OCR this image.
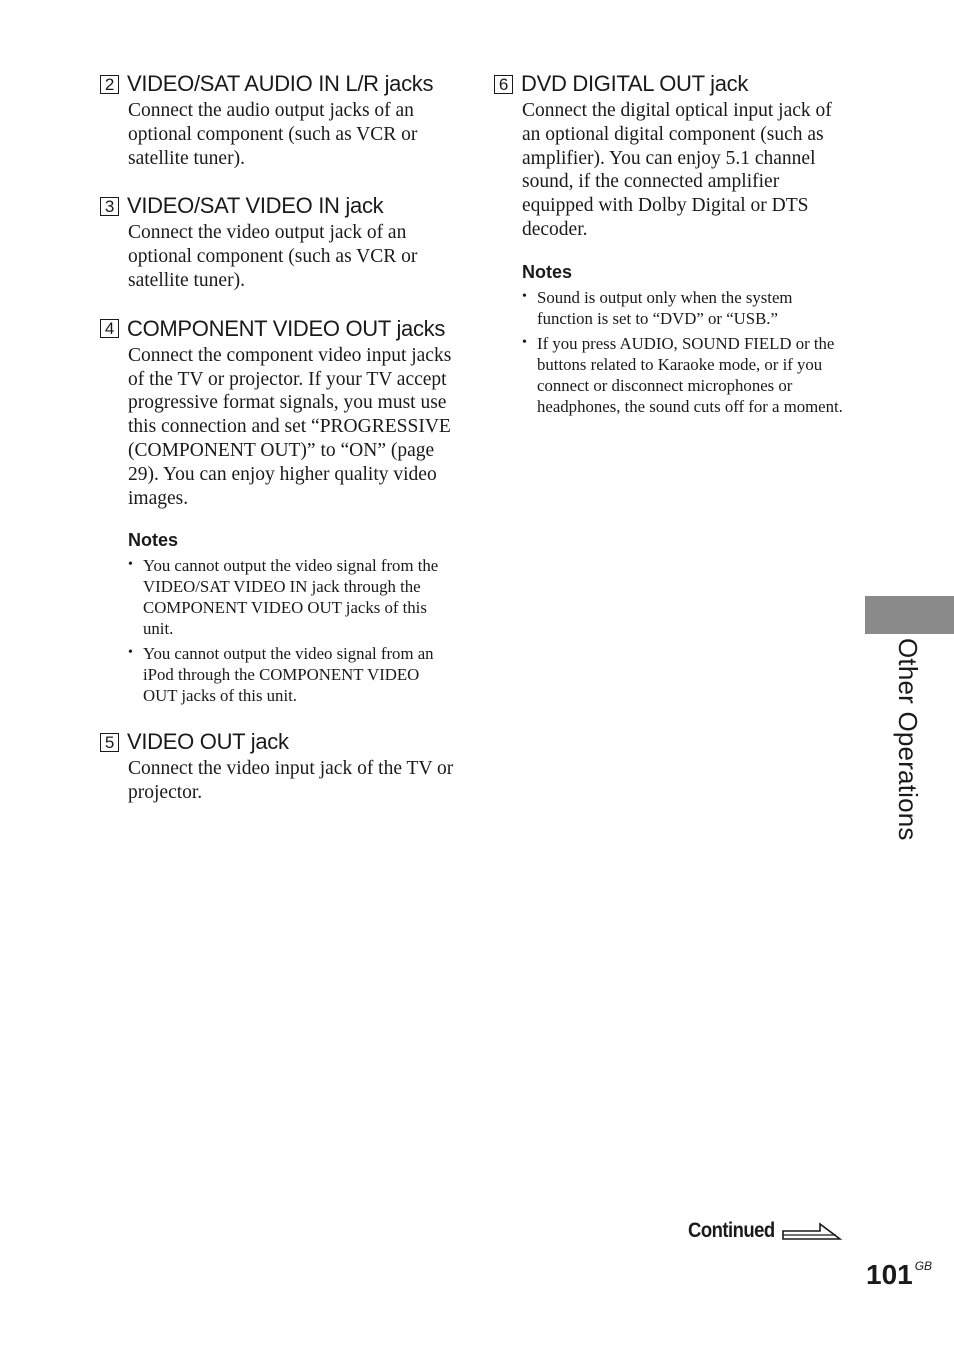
2 VIDEO/SAT AUDIO IN L/R jacks
Connect the audio output jacks of an optional component (such as VCR or satellite tuner).
3 VIDEO/SAT VIDEO IN jack
Connect the video output jack of an optional component (such as VCR or satellite tuner).
4 COMPONENT VIDEO OUT jacks
Connect the component video input jacks of the TV or projector. If your TV accept progressive format signals, you must use this connection and set “PROGRESSIVE (COMPONENT OUT)” to “ON” (page 29). You can enjoy higher quality video images.
Notes
• You cannot output the video signal from the VIDEO/SAT VIDEO IN jack through the COMPONENT VIDEO OUT jacks of this unit.
• You cannot output the video signal from an iPod through the COMPONENT VIDEO OUT jacks of this unit.
5 VIDEO OUT jack
Connect the video input jack of the TV or projector.
6 DVD DIGITAL OUT jack
Connect the digital optical input jack of an optional digital component (such as amplifier). You can enjoy 5.1 channel sound, if the connected amplifier equipped with Dolby Digital or DTS decoder.
Notes
• Sound is output only when the system function is set to “DVD” or “USB.”
• If you press AUDIO, SOUND FIELD or the buttons related to Karaoke mode, or if you connect or disconnect microphones or headphones, the sound cuts off for a moment.
Other Operations
Continued
101 $^{GB}$
